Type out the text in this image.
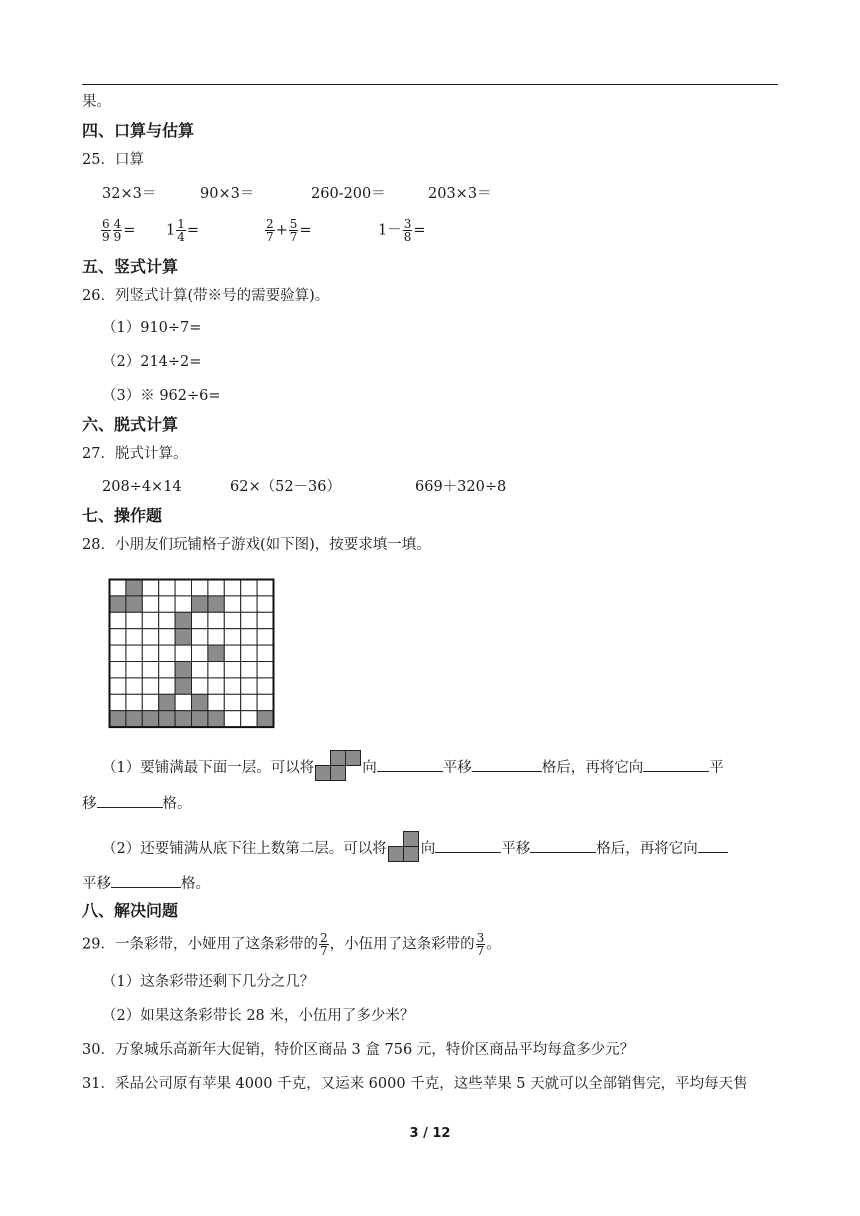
果。
四、口算与估算
25．口算
32×3＝	90×3＝	260-200＝	203×3＝
$\frac{6}{9} \frac{4}{9} = 1 \frac{1}{4}$ =	$\frac{2}{7} + \frac{5}{7}$ =	$1- \frac{3}{8}$ =
五、竖式计算
26．列竖式计算(带※号的需要验算)。
（1）910÷7=
（2）214÷2=
（3）※ 962÷6=
六、脱式计算
27．脱式计算。
208÷4×14	62×（52－36）	669＋320÷8
七、操作题
28．小朋友们玩铺格子游戏(如下图)，按要求填一填。
（1）要铺满最下面一层。可以将	向	平移	格后，再将它向	平
移	格。
（2）还要铺满从底下往上数第二层。可以将 向	平移	格后，再将它向
平移	格。
八、解决问题
29．一条彩带，小娅用了这条彩带的 $\frac{2}{7}$ ，小伍用了这条彩带的 $\frac{3}{7}$ 。
（1）这条彩带还剩下几分之几？
（2）如果这条彩带长 28 米，小伍用了多少米？
30．万象城乐高新年大促销，特价区商品 3 盒 756 元，特价区商品平均每盒多少元？
31．采品公司原有苹果 4000 千克，又运来 6000 千克，这些苹果 5 天就可以全部销售完，平均每天售
3 / 12
